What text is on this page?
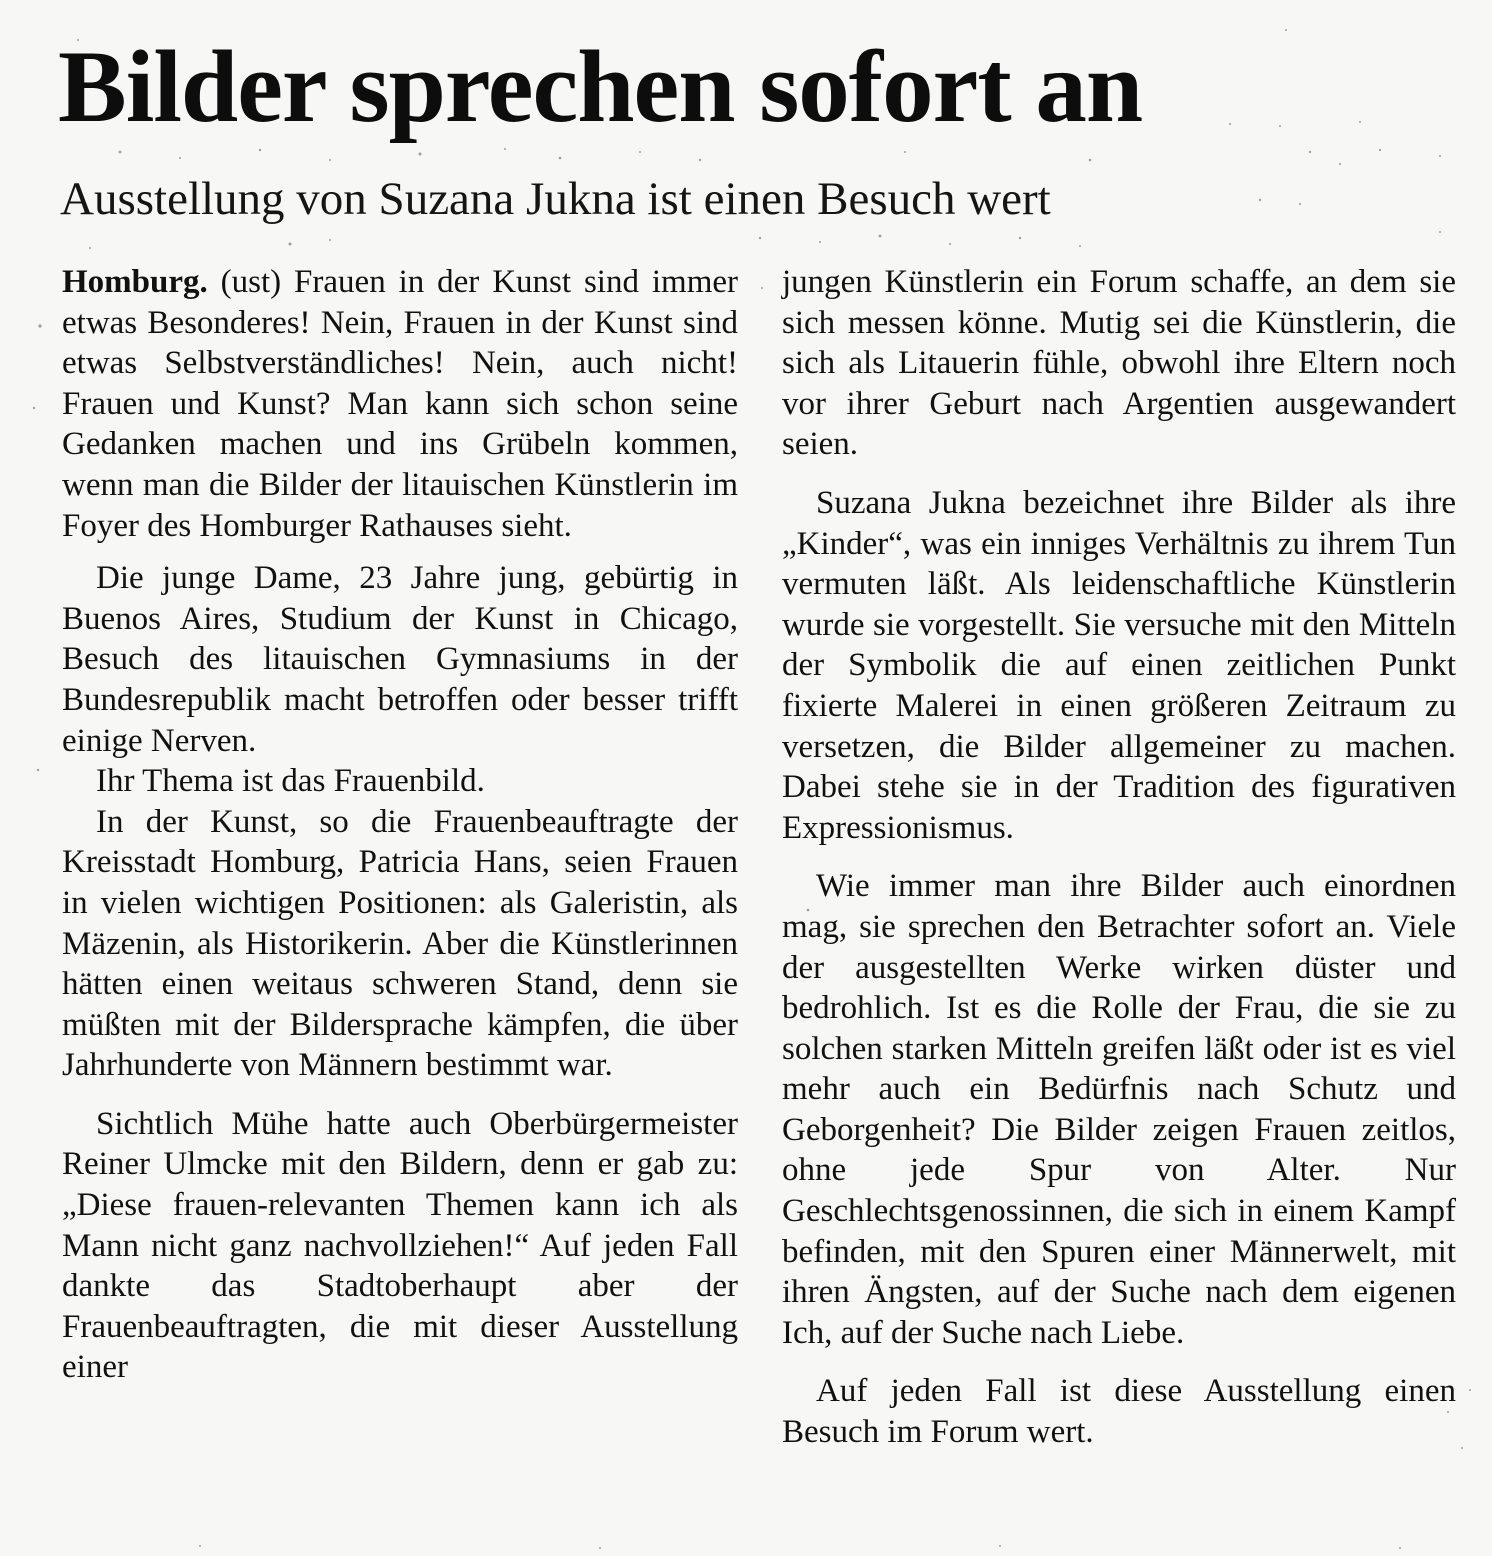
Bilder sprechen sofort an
Ausstellung von Suzana Jukna ist einen Besuch wert

Homburg. (ust) Frauen in der Kunst sind immer etwas Besonderes! Nein, Frauen in der Kunst sind etwas Selbstverständliches! Nein, auch nicht! Frauen und Kunst? Man kann sich schon seine Gedanken machen und ins Grübeln kommen, wenn man die Bilder der litauischen Künstlerin im Foyer des Homburger Rathauses sieht.

Die junge Dame, 23 Jahre jung, gebürtig in Buenos Aires, Studium der Kunst in Chicago, Besuch des litauischen Gymnasiums in der Bundesrepublik macht betroffen oder besser trifft einige Nerven.

Ihr Thema ist das Frauenbild.

In der Kunst, so die Frauenbeauftragte der Kreisstadt Homburg, Patricia Hans, seien Frauen in vielen wichtigen Positionen: als Galeristin, als Mäzenin, als Historikerin. Aber die Künstlerinnen hätten einen weitaus schweren Stand, denn sie müßten mit der Bildersprache kämpfen, die über Jahrhunderte von Männern bestimmt war.

Sichtlich Mühe hatte auch Oberbürgermeister Reiner Ulmcke mit den Bildern, denn er gab zu: „Diese frauen-relevanten Themen kann ich als Mann nicht ganz nachvollziehen!“ Auf jeden Fall dankte das Stadtoberhaupt aber der Frauenbeauftragten, die mit dieser Ausstellung einer

jungen Künstlerin ein Forum schaffe, an dem sie sich messen könne. Mutig sei die Künstlerin, die sich als Litauerin fühle, obwohl ihre Eltern noch vor ihrer Geburt nach Argentien ausgewandert seien.

Suzana Jukna bezeichnet ihre Bilder als ihre „Kinder“, was ein inniges Verhältnis zu ihrem Tun vermuten läßt. Als leidenschaftliche Künstlerin wurde sie vorgestellt. Sie versuche mit den Mitteln der Symbolik die auf einen zeitlichen Punkt fixierte Malerei in einen größeren Zeitraum zu versetzen, die Bilder allgemeiner zu machen. Dabei stehe sie in der Tradition des figurativen Expressionismus.

Wie immer man ihre Bilder auch einordnen mag, sie sprechen den Betrachter sofort an. Viele der ausgestellten Werke wirken düster und bedrohlich. Ist es die Rolle der Frau, die sie zu solchen starken Mitteln greifen läßt oder ist es viel mehr auch ein Bedürfnis nach Schutz und Geborgenheit? Die Bilder zeigen Frauen zeitlos, ohne jede Spur von Alter. Nur Geschlechtsgenossinnen, die sich in einem Kampf befinden, mit den Spuren einer Männerwelt, mit ihren Ängsten, auf der Suche nach dem eigenen Ich, auf der Suche nach Liebe.

Auf jeden Fall ist diese Ausstellung einen Besuch im Forum wert.
